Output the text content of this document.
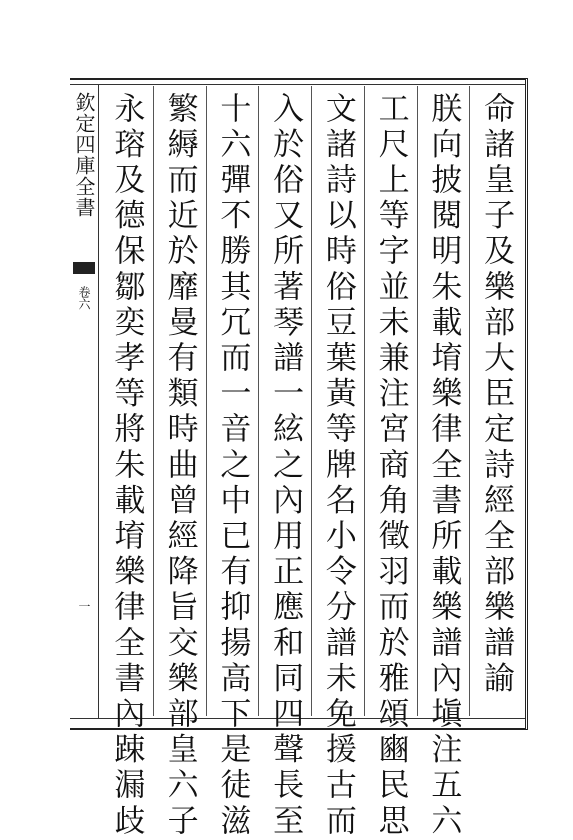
欽定四庫全書
卷六
一	命諸皇子及樂部大臣定詩經全部樂譜諭
朕向披閱明朱載堉樂律全書所載樂譜內塡注五六
工尺上等字並未兼注宮商角徵羽而於雅頌豳民思
文諸詩以時俗豆葉黃等牌名小令分譜未免援古而
入於俗又所著琴譜一絃之內用正應和同四聲長至
十六彈不勝其冗而一音之中已有抑揚高下是徒滋
繁縟而近於靡曼有類時曲曾經降旨交樂部皇六子
永瑢及德保鄒奕孝等將朱載堉樂律全書內踈漏歧
